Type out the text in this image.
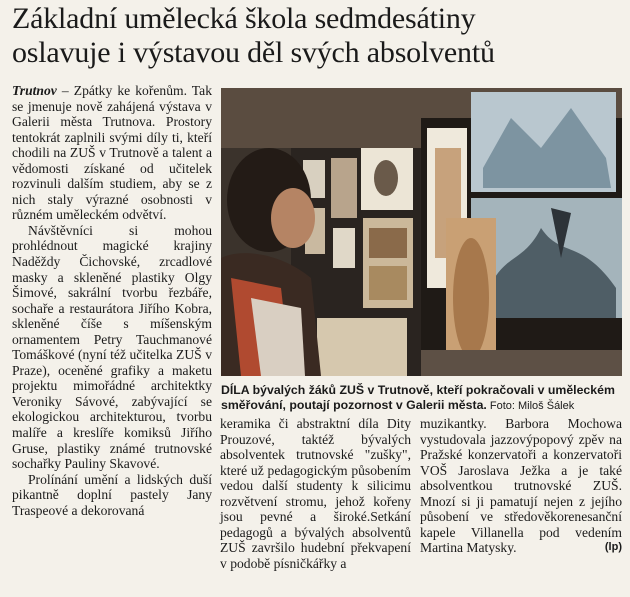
Základní umělecká škola sedmdesátiny
oslavuje i výstavou děl svých absolventů

Trutnov – Zpátky ke kořenům. Tak se jmenuje nově zahájená výstava v Galerii města Trutnova. Prostory tentokrát zaplnili svými díly ti, kteří chodili na ZUŠ v Trutnově a talent a vědomosti získané od učitelek rozvinuli dalším studiem, aby se z nich staly výrazné osobnosti v různém uměleckém odvětví.

Návštěvníci si mohou prohlédnout magické krajiny Naděždy Čichovské, zrcadlové masky a skleněné plastiky Olgy Šimové, sakrální tvorbu řezbáře, sochaře a restaurátora Jiřího Kobra, skleněné číše s míšenským ornamentem Petry Tauchmanové Tomáškové (nyní též učitelka ZUŠ v Praze), oceněné grafiky a maketu projektu mimořádné architektky Veroniky Sávové, zabývající se ekologickou architekturou, tvorbu malíře a kreslíře komiksů Jiřího Gruse, plastiky známé trutnovské sochařky Pauliny Skavové.

Prolínání umění a lidských duší pikantně doplní pastely Jany Traspeové a dekorovaná

DÍLA bývalých žáků ZUŠ v Trutnově, kteří pokračovali v uměleckém směřování, poutají pozornost v Galerii města. Foto: Miloš Šálek

keramika či abstraktní díla Dity Prouzové, taktéž bývalých absolventek trutnovské "zušky", které už pedagogickým působením vedou další studenty k silicimu rozvětvení stromu, jehož kořeny jsou pevné a široké.Setkání pedagogů a bývalých absolventů ZUŠ završilo hudební překvapení v podobě písničkářky a

muzikantky. Barbora Mochowa vystudovala jazzovýpopový zpěv na Pražské konzervatoři a konzervatoři VOŠ Jaroslava Ježka a je také absolventkou trutnovské ZUŠ. Mnozí si ji pamatují nejen z jejího působení ve středověkorenesanční kapele Villanella pod vedením Martina Matysky.	(lp)
